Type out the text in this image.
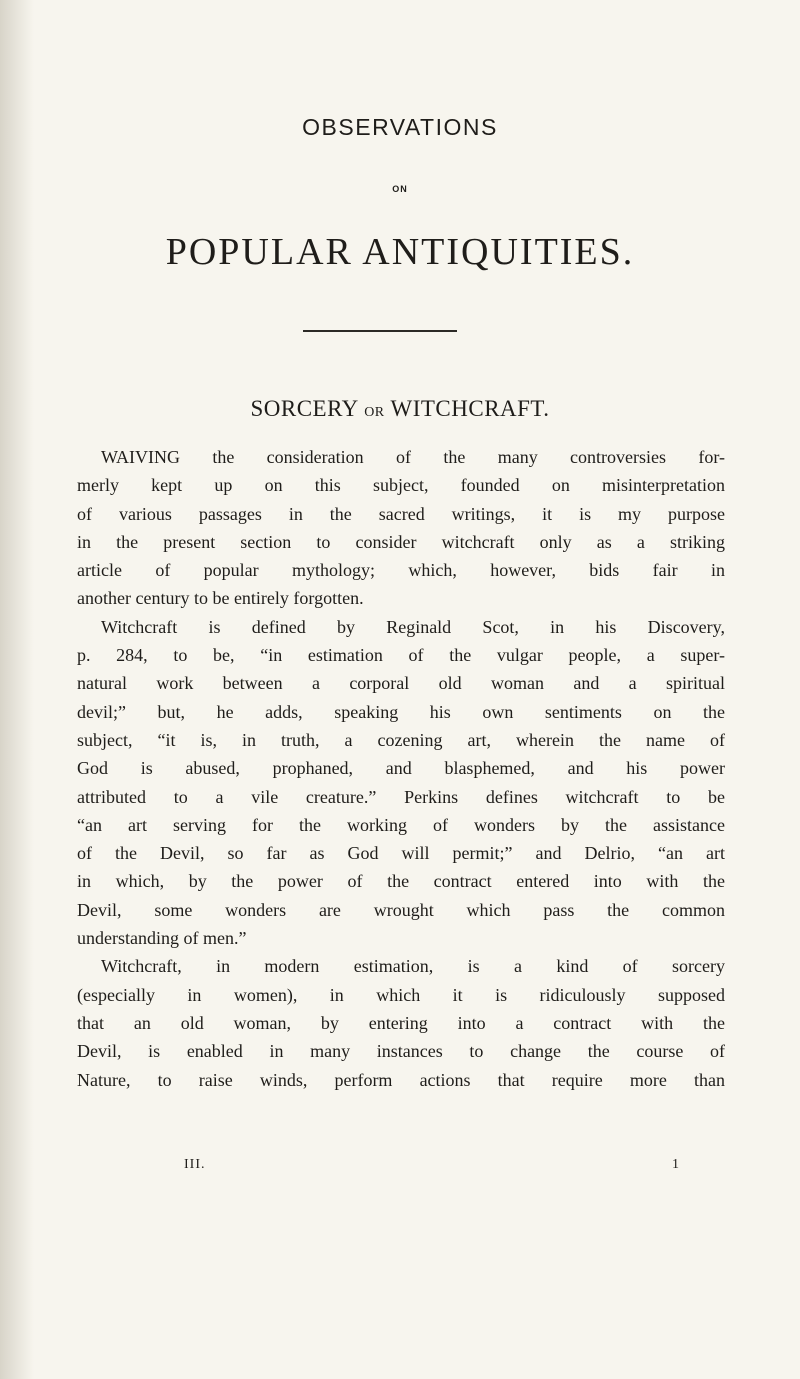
OBSERVATIONS
ON
POPULAR ANTIQUITIES.
SORCERY OR WITCHCRAFT.
WAIVING the consideration of the many controversies for-
merly kept up on this subject, founded on misinterpretation
of various passages in the sacred writings, it is my purpose
in the present section to consider witchcraft only as a striking
article of popular mythology; which, however, bids fair in
another century to be entirely forgotten.
Witchcraft is defined by Reginald Scot, in his Discovery,
p. 284, to be, “in estimation of the vulgar people, a super-
natural work between a corporal old woman and a spiritual
devil;” but, he adds, speaking his own sentiments on the
subject, “it is, in truth, a cozening art, wherein the name of
God is abused, prophaned, and blasphemed, and his power
attributed to a vile creature.” Perkins defines witchcraft to be
“an art serving for the working of wonders by the assistance
of the Devil, so far as God will permit;” and Delrio, “an art
in which, by the power of the contract entered into with the
Devil, some wonders are wrought which pass the common
understanding of men.”
Witchcraft, in modern estimation, is a kind of sorcery
(especially in women), in which it is ridiculously supposed
that an old woman, by entering into a contract with the
Devil, is enabled in many instances to change the course of
Nature, to raise winds, perform actions that require more than
III.	1
